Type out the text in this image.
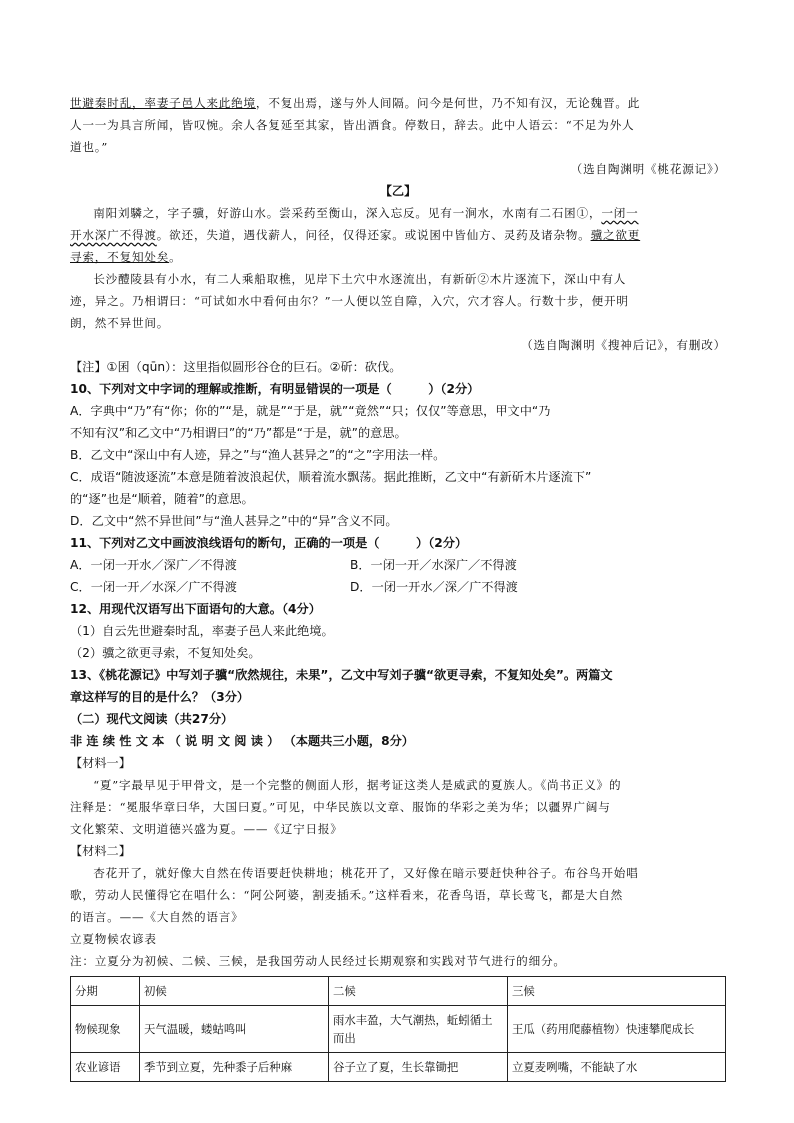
世避秦时乱，率妻子邑人来此绝境，不复出焉，遂与外人间隔。问今是何世，乃不知有汉，无论魏晋。此

人一一为具言所闻，皆叹惋。余人各复延至其家，皆出酒食。停数日，辞去。此中人语云：“不足为外人

道也。”

（选自陶渊明《桃花源记》）

【乙】

南阳刘驎之，字子骥，好游山水。尝采药至衡山，深入忘反。见有一涧水，水南有二石囷①，一闭一

开水深广不得渡。欲还，失道，遇伐薪人，问径，仅得还家。或说囷中皆仙方、灵药及诸杂物。骥之欲更

寻索，不复知处矣。

长沙醴陵县有小水，有二人乘船取樵，见岸下土穴中水逐流出，有新斫②木片逐流下，深山中有人

迹，异之。乃相谓曰：“可试如水中看何由尔？”一人便以笠自障，入穴，穴才容人。行数十步，便开明

朗，然不异世间。

（选自陶渊明《搜神后记》，有删改）

【注】①囷（qūn）：这里指似圆形谷仓的巨石。②斫：砍伐。

10、下列对文中字词的理解或推断，有明显错误的一项是（　　　）（2分）

A．字典中“乃”有“你；你的”“是，就是”“于是，就”“竟然”“只；仅仅”等意思，甲文中“乃

不知有汉”和乙文中“乃相谓曰”的“乃”都是“于是，就”的意思。

B．乙文中“深山中有人迹，异之”与“渔人甚异之”的“之”字用法一样。

C．成语“随波逐流”本意是随着波浪起伏，顺着流水飘荡。据此推断，乙文中“有新斫木片逐流下”

的“逐”也是“顺着，随着”的意思。

D．乙文中“然不异世间”与“渔人甚异之”中的“异”含义不同。

11、下列对乙文中画波浪线语句的断句，正确的一项是（　　　）（2分）

A．一闭一开水／深广／不得渡	B．一闭一开／水深广／不得渡

C．一闭一开／水深／广不得渡	D．一闭一开水／深／广不得渡

12、用现代汉语写出下面语句的大意。（4分）

（1）自云先世避秦时乱，率妻子邑人来此绝境。

（2）骥之欲更寻索，不复知处矣。

13、《桃花源记》中写刘子骥“欣然规往，未果”，乙文中写刘子骥“欲更寻索，不复知处矣”。两篇文

章这样写的目的是什么？（3分）

（二）现代文阅读（共27分）

非 连 续 性 文 本 （ 说 明 文 阅 读 ） （本题共三小题，8分）

【材料一】

“夏”字最早见于甲骨文，是一个完整的侧面人形，据考证这类人是威武的夏族人。《尚书正义》的

注释是：“冕服华章曰华，大国曰夏。”可见，中华民族以文章、服饰的华彩之美为华；以疆界广阔与

文化繁荣、文明道德兴盛为夏。——《辽宁日报》

【材料二】

杏花开了，就好像大自然在传语要赶快耕地；桃花开了，又好像在暗示要赶快种谷子。布谷鸟开始唱

歌，劳动人民懂得它在唱什么：“阿公阿婆，割麦插禾。”这样看来，花香鸟语，草长莺飞，都是大自然

的语言。——《大自然的语言》

立夏物候农谚表

注：立夏分为初候、二候、三候，是我国劳动人民经过长期观察和实践对节气进行的细分。

分期	初候	二候	三候
物候现象	天气温暖，蝼蛄鸣叫	雨水丰盈，大气潮热，蚯蚓循土而出	王瓜（药用爬藤植物）快速攀爬成长
农业谚语	季节到立夏，先种黍子后种麻	谷子立了夏，生长靠锄把	立夏麦咧嘴，不能缺了水
